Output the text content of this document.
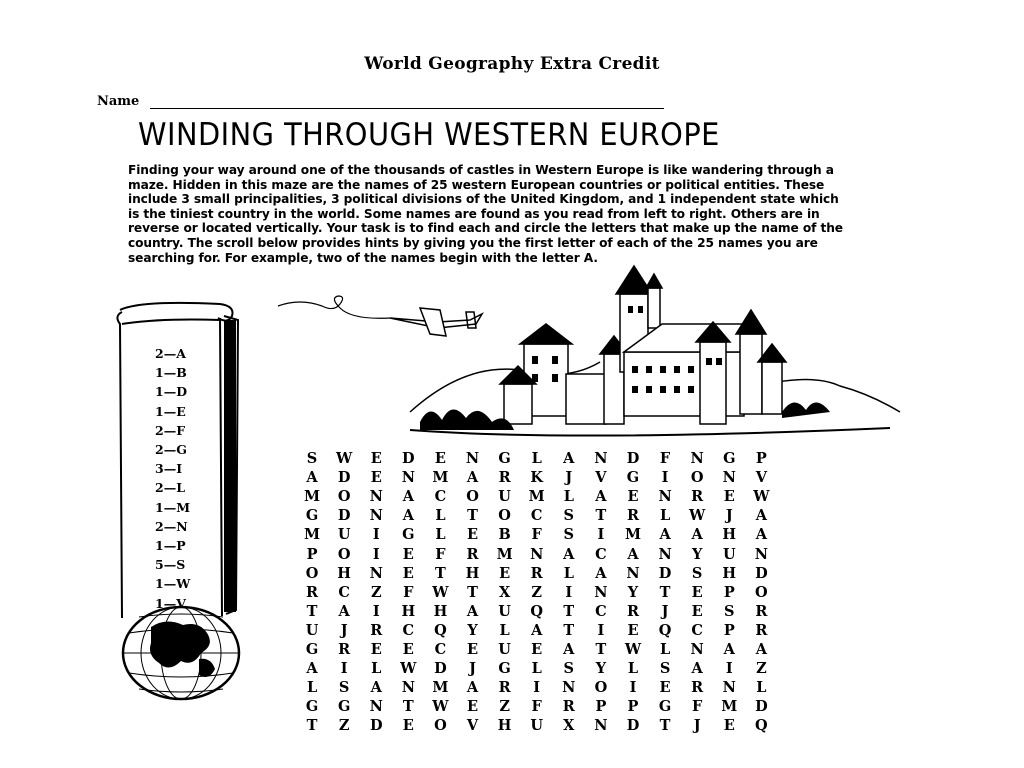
World Geography Extra Credit
Name
WINDING THROUGH WESTERN EUROPE
Finding your way around one of the thousands of castles in Western Europe is like wandering through a maze. Hidden in this maze are the names of 25 western European countries or political entities. These include 3 small principalities, 3 political divisions of the United Kingdom, and 1 independent state which is the tiniest country in the world. Some names are found as you read from left to right. Others are in reverse or located vertically. Your task is to find each and circle the letters that make up the name of the country. The scroll below provides hints by giving you the first letter of each of the 25 names you are searching for. For example, two of the names begin with the letter A.
2—A
1—B
1—D
1—E
2—F
2—G
3—I
2—L
1—M
2—N
1—P
5—S
1—W
1—V
S	W	E	D	E	N	G	L	A	N	D	F	N	G	P
A	D	E	N	M	A	R	K	J	V	G	I	O	N	V
M	O	N	A	C	O	U	M	L	A	E	N	R	E	W
G	D	N	A	L	T	O	C	S	T	R	L	W	J	A
M	U	I	G	L	E	B	F	S	I	M	A	A	H	A
P	O	I	E	F	R	M	N	A	C	A	N	Y	U	N
O	H	N	E	T	H	E	R	L	A	N	D	S	H	D
R	C	Z	F	W	T	X	Z	I	N	Y	T	E	P	O
T	A	I	H	H	A	U	Q	T	C	R	J	E	S	R
U	J	R	C	Q	Y	L	A	T	I	E	Q	C	P	R
G	R	E	E	C	E	U	E	A	T	W	L	N	A	A
A	I	L	W	D	J	G	L	S	Y	L	S	A	I	Z
L	S	A	N	M	A	R	I	N	O	I	E	R	N	L
G	G	N	T	W	E	Z	F	R	P	P	G	F	M	D
T	Z	D	E	O	V	H	U	X	N	D	T	J	E	Q
